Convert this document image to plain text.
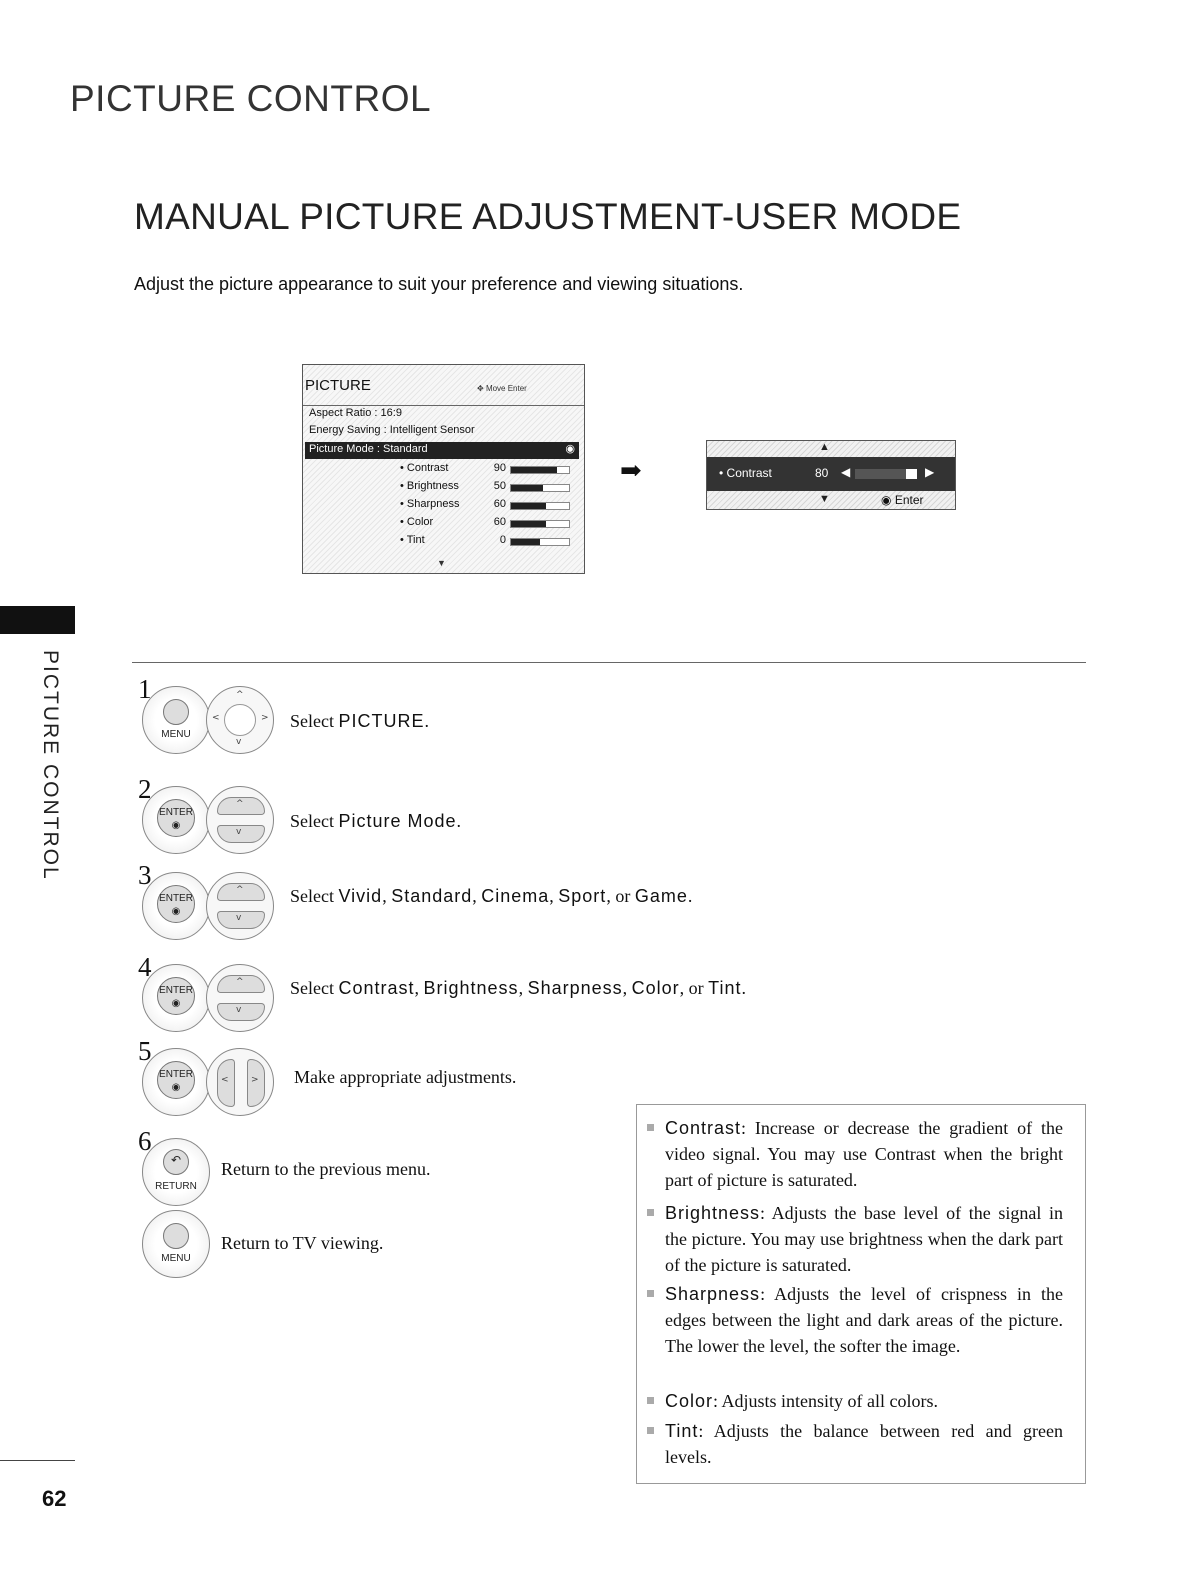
PICTURE CONTROL
MANUAL PICTURE ADJUSTMENT-USER MODE
Adjust the picture appearance to suit your preference and viewing situations.
PICTURE	✥ Move Enter
Aspect Ratio : 16:9
Energy Saving : Intelligent Sensor
Picture Mode : Standard	◉
• Contrast	90
• Brightness	50
• Sharpness	60
• Color	60
• Tint	0
▼
➡
▲
• Contrast	80 ◀	▶
▼	◉ Enter
PICTURE CONTROL	1
MENU
^
<	>
v
Select PICTURE.
2
ENTER
◉
^
v
Select Picture Mode.
3
ENTER
◉
^
v
Select Vivid, Standard, Cinema, Sport, or Game.
4
ENTER
◉
^
v
Select Contrast, Brightness, Sharpness, Color, or Tint.
5
ENTER
◉
< > Make appropriate adjustments.
6
↶
RETURN
Return to the previous menu.
MENU
Return to TV viewing.
Contrast: Increase or decrease the gradient of the video signal. You may use Contrast when the bright part of picture is saturated.
Brightness: Adjusts the base level of the signal in the picture. You may use brightness when the dark part of the picture is saturated.
Sharpness: Adjusts the level of crispness in the edges between the light and dark areas of the picture. The lower the level, the softer the image.
Color: Adjusts intensity of all colors.
Tint: Adjusts the balance between red and green levels.
62
